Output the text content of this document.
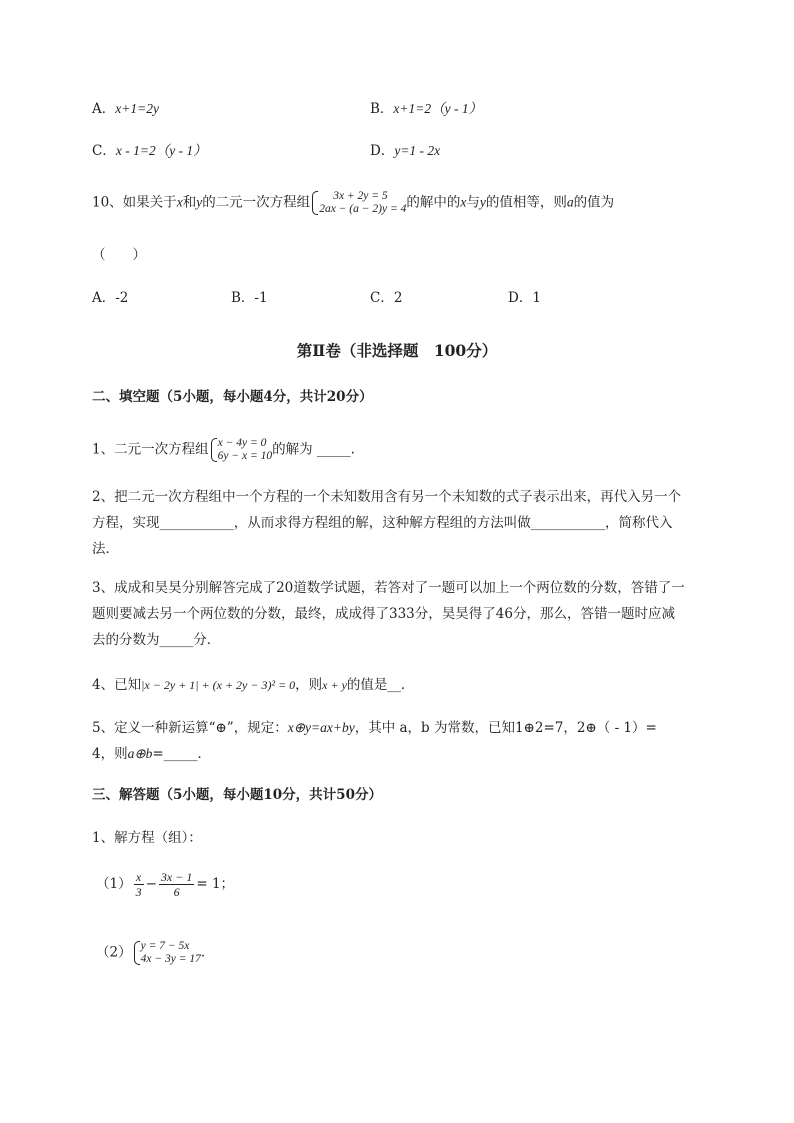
A．x+1=2y	B．x+1=2（y - 1）
C．x - 1=2（y - 1）	D．y=1 - 2x
10、如果关于x和y的二元一次方程组	3x + 2y = 5
2ax − (a − 2)y = 4 的解中的x与y的值相等，则a的值为
（　　）
A．-2	B．-1	C．2	D．1
第Ⅱ卷（非选择题　100分）
二、填空题（5小题，每小题4分，共计20分）
1、二元一次方程组 x − 4y = 0
6y − x = 10 的解为 _____.
2、把二元一次方程组中一个方程的一个未知数用含有另一个未知数的式子表示出来，再代入另一个
方程，实现___________，从而求得方程组的解，这种解方程组的方法叫做___________，简称代入
法．
3、成成和昊昊分别解答完成了20道数学试题，若答对了一题可以加上一个两位数的分数，答错了一
题则要减去另一个两位数的分数，最终，成成得了333分，昊昊得了46分，那么，答错一题时应减
去的分数为_____分．
4、已知|x − 2y + 1| + (x + 2y − 3)² = 0，则x + y的值是__．
5、定义一种新运算“⊕”，规定：x⊕y=ax+by，其中 a，b 为常数，已知1⊕2=7，2⊕（ - 1）=
4，则a⊕b=_____．
三、解答题（5小题，每小题10分，共计50分）
1、解方程（组）：
$(1) \frac{x}{3} - \frac{3x - 1}{6} = 1$；
（2） y = 7 − 5x
4x − 3y = 17 ．
